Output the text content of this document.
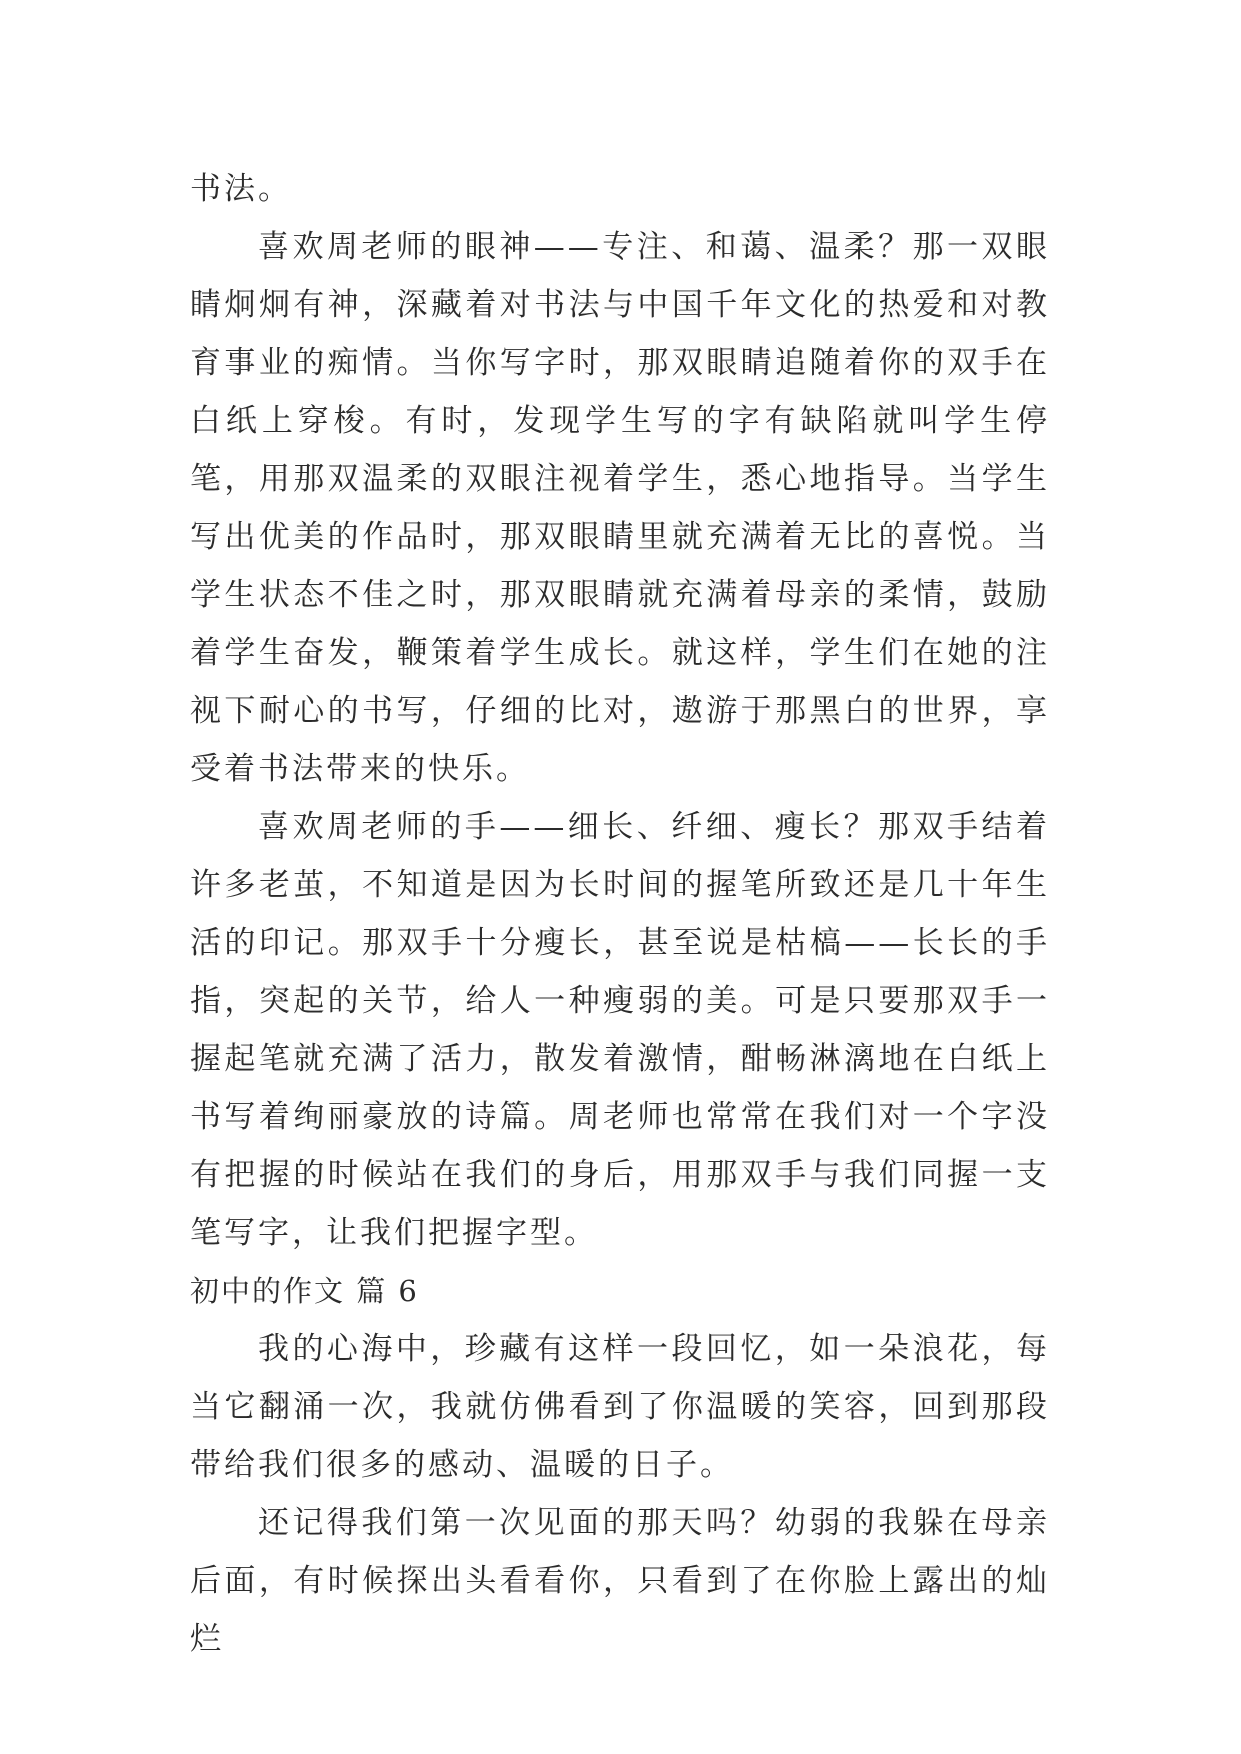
书法。

喜欢周老师的眼神——专注、和蔼、温柔？那一双眼睛炯炯有神，深藏着对书法与中国千年文化的热爱和对教育事业的痴情。当你写字时，那双眼睛追随着你的双手在白纸上穿梭。有时，发现学生写的字有缺陷就叫学生停笔，用那双温柔的双眼注视着学生，悉心地指导。当学生写出优美的作品时，那双眼睛里就充满着无比的喜悦。当学生状态不佳之时，那双眼睛就充满着母亲的柔情，鼓励着学生奋发，鞭策着学生成长。就这样，学生们在她的注视下耐心的书写，仔细的比对，遨游于那黑白的世界，享受着书法带来的快乐。

喜欢周老师的手——细长、纤细、瘦长？那双手结着许多老茧，不知道是因为长时间的握笔所致还是几十年生活的印记。那双手十分瘦长，甚至说是枯槁——长长的手指，突起的关节，给人一种瘦弱的美。可是只要那双手一握起笔就充满了活力，散发着激情，酣畅淋漓地在白纸上书写着绚丽豪放的诗篇。周老师也常常在我们对一个字没有把握的时候站在我们的身后，用那双手与我们同握一支笔写字，让我们把握字型。

初中的作文 篇 6

我的心海中，珍藏有这样一段回忆，如一朵浪花，每当它翻涌一次，我就仿佛看到了你温暖的笑容，回到那段带给我们很多的感动、温暖的日子。

还记得我们第一次见面的那天吗？幼弱的我躲在母亲后面，有时候探出头看看你，只看到了在你脸上露出的灿烂
